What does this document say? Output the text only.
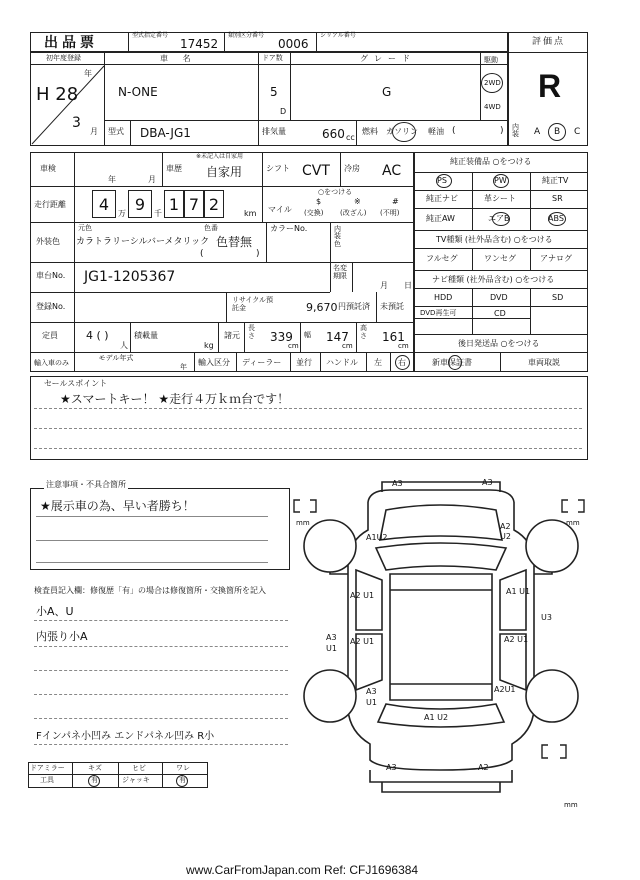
出品票	型式指定番号
17452
類別区分番号
0006
シリアル番号
評価点
R
初年度登録
年
H 28
3
月
車 名
N-ONE
ドア数
5
D
グレード
G
駆動
2WD
4WD
型式 DBA-JG1	排気量	660 cc
燃料 ガソリン 軽油 (	) 内装	A B C
車検
年	月
車歴
※未記入は自家用
自家用	シフト CVT 冷房 AC
走行距離 4 万 9 千 1 7 2	km
○をつける
マイル
$
(交換)
※
(改ざん)
#
(不明)
外装色
元色
カラトラリーシルバーメタリック
色番
色替無
(	)
カラーNo.	内装色
車台No. JG1-1205367
名変期限
月 日
登録No.
リサイクル預託金	9,670 円預託済 未預託
定員	4 ( )
人
積載量
kg
諸元
長さ 339
cm
幅 147
cm
高さ 161
cm
輸入車のみ
モデル年式
年 輸入区分 ディーラー 並行 ハンドル 左 右
純正装備品 ○をつける
PS	PW	純正TV
純正ナビ	革シート	SR
純正AW	エアB	ABS
TV種類 (社外品含む) ○をつける
フルセグ	ワンセグ	アナログ
ナビ種類 (社外品含む) ○をつける
HDD	DVD	SD
DVD再生可	CD
後日発送品 ○をつける
新車保証書	車両取説
セールスポイント
★スマートキー！ ★走行４万ｋｍ台です！
注意事項・不具合箇所
★展示車の為、早い者勝ち！
検査員記入欄：修復歴「有」の場合は修復箇所・交換箇所を記入
小A、U
内張り小A
Fインパネ小凹み エンドパネル凹み R小
ドアミラー	キズ	ヒビ	ワレ
工具	有	ジャッキ	有
mm	mm
mm
A3	A3
A1U2
A2 U2
A2 U1	A1 U1
U3
A3 U1
A2 U1	A2 U1
A3 U1
A2U1
A1 U2
A3	A2
www.CarFromJapan.com Ref: CFJ1696384
